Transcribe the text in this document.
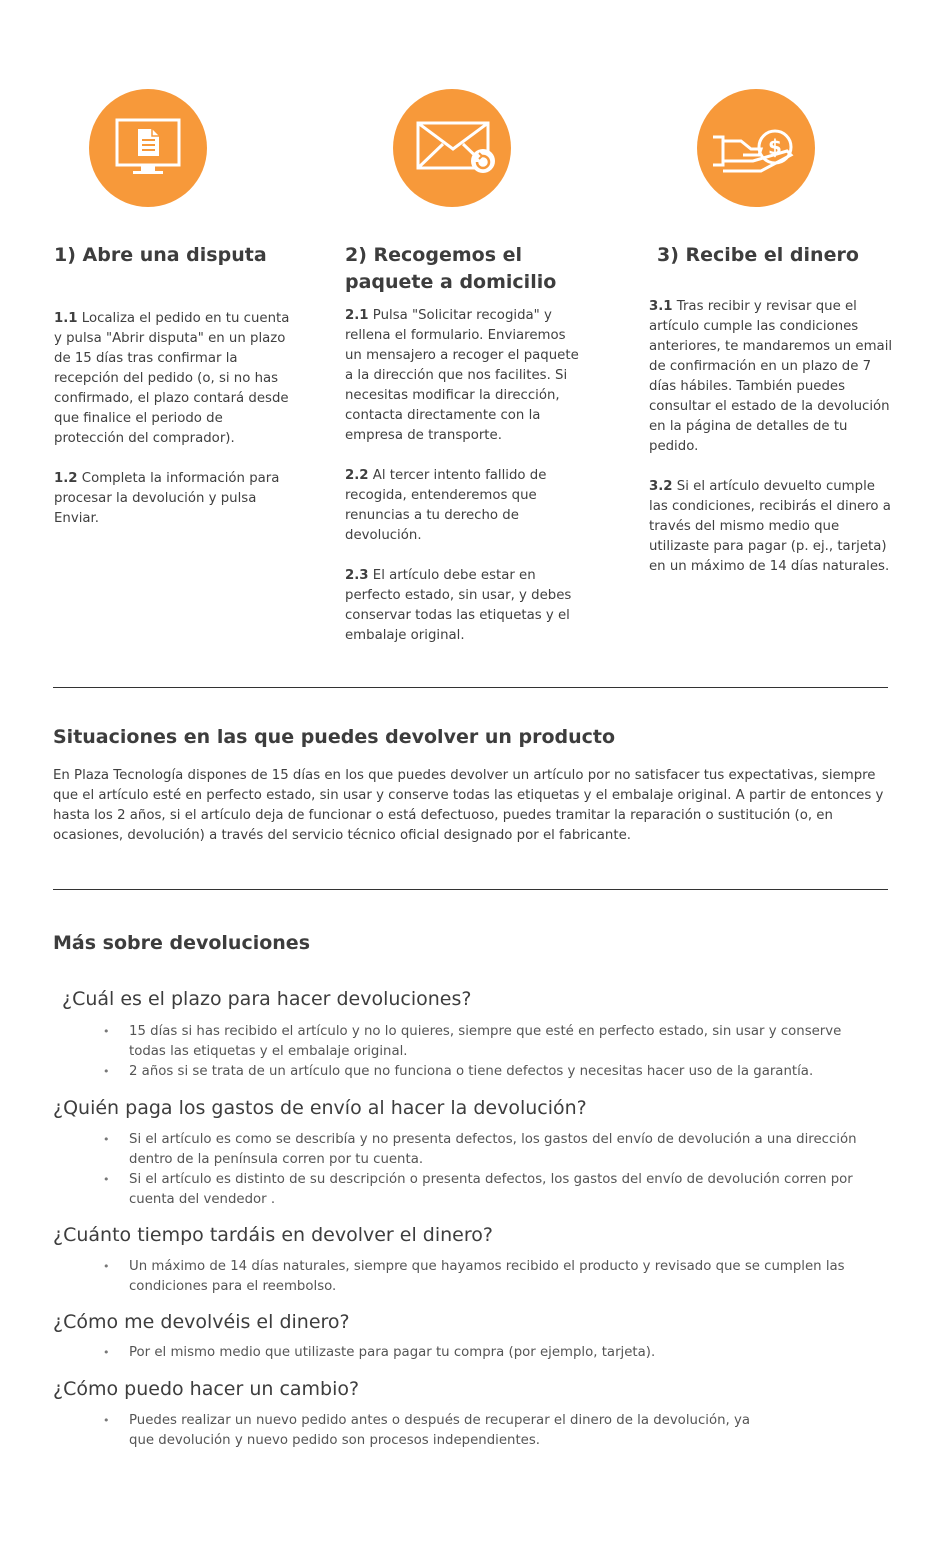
$
1) Abre una disputa

1.1 Localiza el pedido en tu cuenta y pulsa "Abrir disputa" en un plazo de 15 días tras confirmar la recepción del pedido (o, si no has confirmado, el plazo contará desde que finalice el periodo de protección del comprador).

1.2 Completa la información para procesar la devolución y pulsa Enviar.

2) Recogemos el paquete a domicilio

2.1 Pulsa "Solicitar recogida" y rellena el formulario. Enviaremos un mensajero a recoger el paquete a la dirección que nos facilites. Si necesitas modificar la dirección, contacta directamente con la empresa de transporte.

2.2 Al tercer intento fallido de recogida, entenderemos que renuncias a tu derecho de devolución.

2.3 El artículo debe estar en perfecto estado, sin usar, y debes conservar todas las etiquetas y el embalaje original.

3) Recibe el dinero

3.1 Tras recibir y revisar que el artículo cumple las condiciones anteriores, te mandaremos un email de confirmación en un plazo de 7 días hábiles. También puedes consultar el estado de la devolución en la página de detalles de tu pedido.

3.2 Si el artículo devuelto cumple las condiciones, recibirás el dinero a través del mismo medio que utilizaste para pagar (p. ej., tarjeta) en un máximo de 14 días naturales.

Situaciones en las que puedes devolver un producto

En Plaza Tecnología dispones de 15 días en los que puedes devolver un artículo por no satisfacer tus expectativas, siempre que el artículo esté en perfecto estado, sin usar y conserve todas las etiquetas y el embalaje original. A partir de entonces y hasta los 2 años, si el artículo deja de funcionar o está defectuoso, puedes tramitar la reparación o sustitución (o, en ocasiones, devolución) a través del servicio técnico oficial designado por el fabricante.

Más sobre devoluciones
¿Cuál es el plazo para hacer devoluciones?
• 15 días si has recibido el artículo y no lo quieres, siempre que esté en perfecto estado, sin usar y conserve todas las etiquetas y el embalaje original.
• 2 años si se trata de un artículo que no funciona o tiene defectos y necesitas hacer uso de la garantía.
¿Quién paga los gastos de envío al hacer la devolución?
• Si el artículo es como se describía y no presenta defectos, los gastos del envío de devolución a una dirección dentro de la península corren por tu cuenta.
• Si el artículo es distinto de su descripción o presenta defectos, los gastos del envío de devolución corren por cuenta del vendedor .
¿Cuánto tiempo tardáis en devolver el dinero?
• Un máximo de 14 días naturales, siempre que hayamos recibido el producto y revisado que se cumplen las condiciones para el reembolso.
¿Cómo me devolvéis el dinero?
• Por el mismo medio que utilizaste para pagar tu compra (por ejemplo, tarjeta).
¿Cómo puedo hacer un cambio?
• Puedes realizar un nuevo pedido antes o después de recuperar el dinero de la devolución, ya que devolución y nuevo pedido son procesos independientes.
